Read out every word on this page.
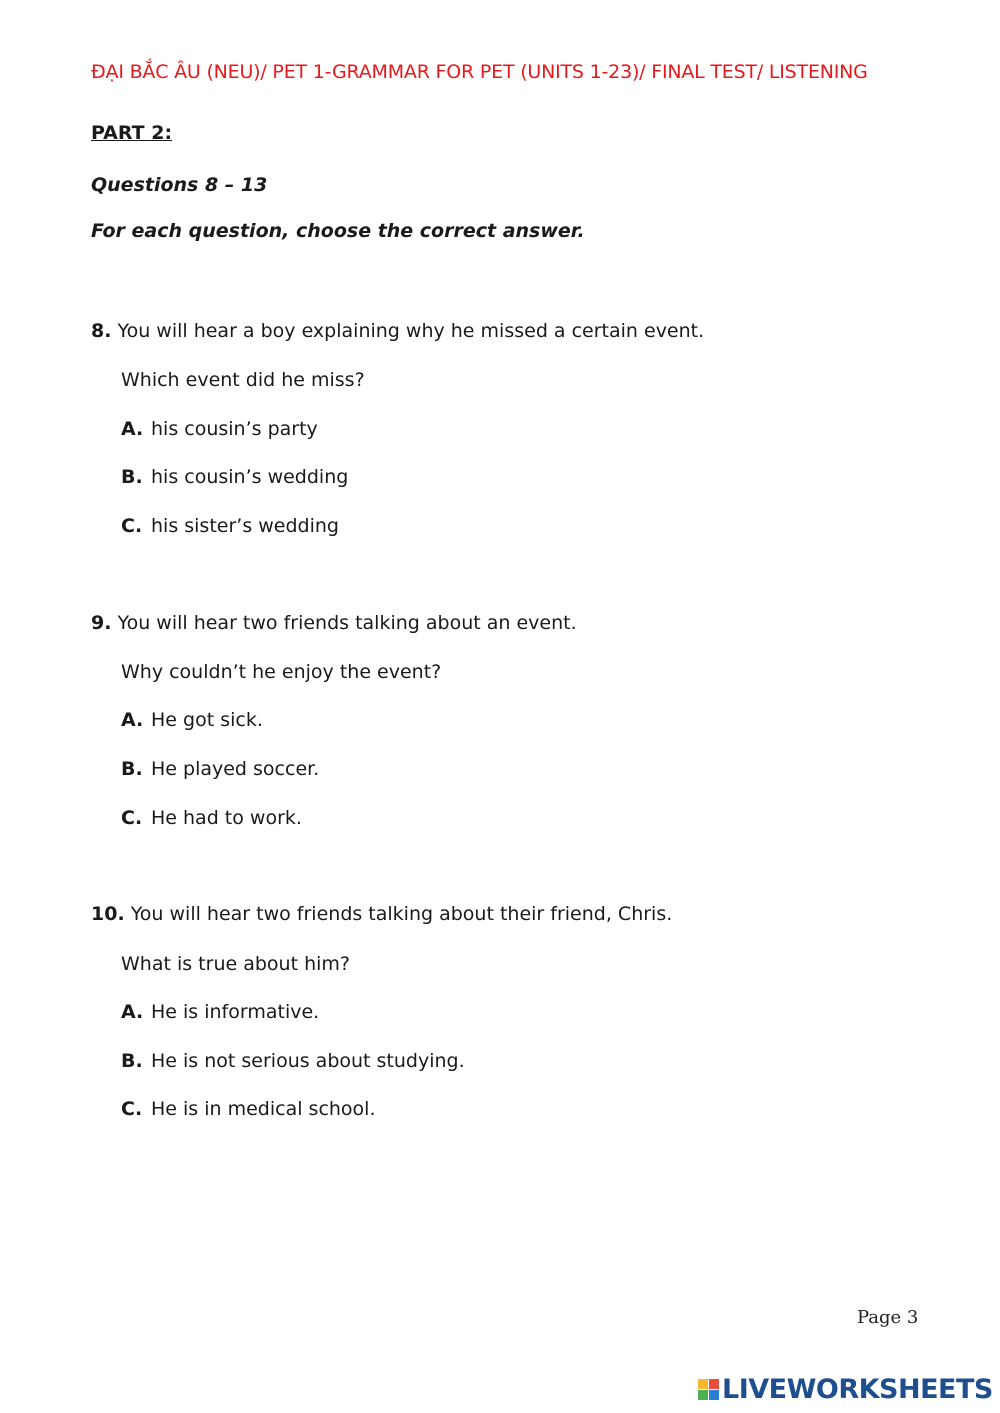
ĐẠI BẮC ÂU (NEU)/ PET 1-GRAMMAR FOR PET (UNITS 1-23)/ FINAL TEST/ LISTENING
PART 2:
Questions 8 – 13
For each question, choose the correct answer.
8. You will hear a boy explaining why he missed a certain event.
Which event did he miss?
A. his cousin’s party
B. his cousin’s wedding
C. his sister’s wedding
9. You will hear two friends talking about an event.
Why couldn’t he enjoy the event?
A. He got sick.
B. He played soccer.
C. He had to work.
10. You will hear two friends talking about their friend, Chris.
What is true about him?
A. He is informative.
B. He is not serious about studying.
C. He is in medical school.
Page 3
LIVEWORKSHEETS
